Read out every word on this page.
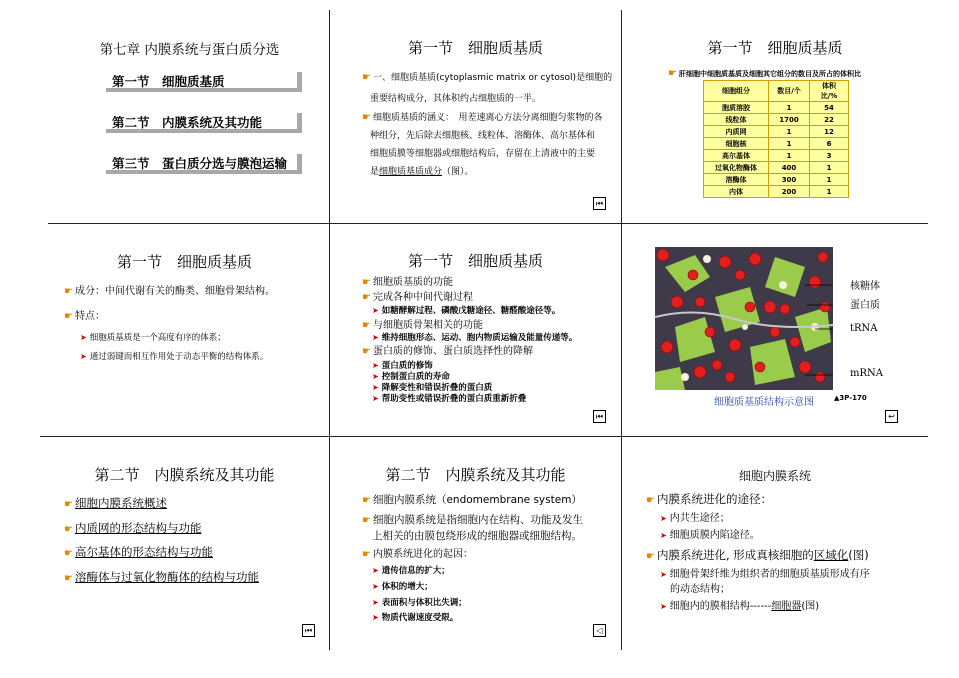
第七章 内膜系统与蛋白质分选
第一节　细胞质基质
第二节　内膜系统及其功能
第三节　蛋白质分选与膜泡运输
第一节　细胞质基质
☛ 一、细胞质基质(cytoplasmic matrix or cytosol)是细胞的
重要结构成分，其体积约占细胞质的一半。
☛ 细胞质基质的涵义：　用差速离心方法分离细胞匀浆物的各
种组分，先后除去细胞核、线粒体、溶酶体、高尔基体和
细胞质膜等细胞器或细胞结构后，存留在上清液中的主要
是细胞质基质成分（图）。
⏮
第一节　细胞质基质
☛ 肝细胞中细胞质基质及细胞其它组分的数目及所占的体积比
细胞组分	数目/个	体积比/%
胞质溶胶	1	54
线粒体	1700	22
内质网	1	12
细胞核	1	6
高尔基体	1	3
过氧化物酶体	400	1
溶酶体	300	1
内体	200	1
第一节　细胞质基质
☛ 成分：中间代谢有关的酶类、细胞骨架结构。
☛ 特点：
➤ 细胞质基质是一个高度有序的体系；
➤ 通过弱键而相互作用处于动态平衡的结构体系。
第一节　细胞质基质
☛ 细胞质基质的功能
☛ 完成各种中间代谢过程
➤ 如糖酵解过程、磷酸戊糖途径、糖醛酸途径等。
☛ 与细胞质骨架相关的功能
➤ 维持细胞形态、运动、胞内物质运输及能量传递等。
☛ 蛋白质的修饰、蛋白质选择性的降解
➤ 蛋白质的修饰
➤ 控制蛋白质的寿命
➤ 降解变性和错误折叠的蛋白质
➤ 帮助变性或错误折叠的蛋白质重新折叠
⏮
核糖体
蛋白质
tRNA
mRNA
细胞质基质结构示意图	▲3P-170
↩
第二节　内膜系统及其功能
☛ 细胞内膜系统概述
☛ 内质网的形态结构与功能
☛ 高尔基体的形态结构与功能
☛ 溶酶体与过氧化物酶体的结构与功能
⏮
第二节　内膜系统及其功能
☛ 细胞内膜系统（endomembrane system）
☛ 细胞内膜系统是指细胞内在结构、功能及发生
上相关的由膜包绕形成的细胞器或细胞结构。
☛ 内膜系统进化的起因：
➤ 遗传信息的扩大；
➤ 体积的增大；
➤ 表面积与体积比失调；
➤ 物质代谢速度受限。
◁
细胞内膜系统
☛ 内膜系统进化的途径：
➤ 内共生途径；
➤ 细胞质膜内陷途径。
☛ 内膜系统进化, 形成真核细胞的区域化(图)
➤ 细胞骨架纤维为组织者的细胞质基质形成有序
的动态结构；
➤ 细胞内的膜相结构------细胞器(图)
